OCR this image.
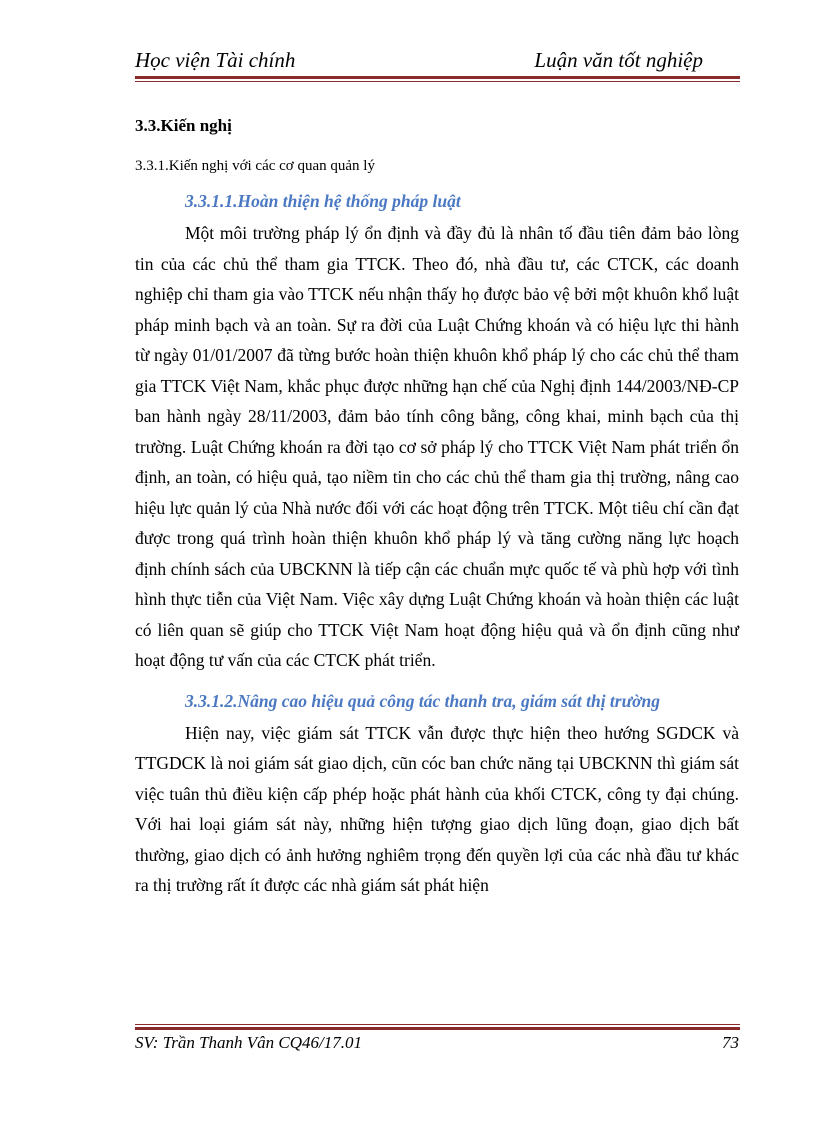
Học viện Tài chính	Luận văn tốt nghiệp
3.3.Kiến nghị
3.3.1.Kiến nghị với các cơ quan quản lý
3.3.1.1.Hoàn thiện hệ thống pháp luật

Một môi trường pháp lý ổn định và đầy đủ là nhân tố đầu tiên đảm bảo lòng tin của các chủ thể tham gia TTCK. Theo đó, nhà đầu tư, các CTCK, các doanh nghiệp chỉ tham gia vào TTCK nếu nhận thấy họ được bảo vệ bởi một khuôn khổ luật pháp minh bạch và an toàn. Sự ra đời của Luật Chứng khoán và có hiệu lực thi hành từ ngày 01/01/2007 đã từng bước hoàn thiện khuôn khổ pháp lý cho các chủ thể tham gia TTCK Việt Nam, khắc phục được những hạn chế của Nghị định 144/2003/NĐ-CP ban hành ngày 28/11/2003, đảm bảo tính công bằng, công khai, minh bạch của thị trường. Luật Chứng khoán ra đời tạo cơ sở pháp lý cho TTCK Việt Nam phát triển ổn định, an toàn, có hiệu quả, tạo niềm tin cho các chủ thể tham gia thị trường, nâng cao hiệu lực quản lý của Nhà nước đối với các hoạt động trên TTCK. Một tiêu chí cần đạt được trong quá trình hoàn thiện khuôn khổ pháp lý và tăng cường năng lực hoạch định chính sách của UBCKNN là tiếp cận các chuẩn mực quốc tế và phù hợp với tình hình thực tiễn của Việt Nam. Việc xây dựng Luật Chứng khoán và hoàn thiện các luật có liên quan sẽ giúp cho TTCK Việt Nam hoạt động hiệu quả và ổn định cũng như hoạt động tư vấn của các CTCK phát triển.

3.3.1.2.Nâng cao hiệu quả công tác thanh tra, giám sát thị trường

Hiện nay, việc giám sát TTCK vẫn được thực hiện theo hướng SGDCK và TTGDCK là noi giám sát giao dịch, cũn cóc ban chức năng tại UBCKNN thì giám sát việc tuân thủ điều kiện cấp phép hoặc phát hành của khối CTCK, công ty đại chúng. Với hai loại giám sát này, những hiện tượng giao dịch lũng đoạn, giao dịch bất thường, giao dịch có ảnh hưởng nghiêm trọng đến quyền lợi của các nhà đầu tư khác ra thị trường rất ít được các nhà giám sát phát hiện

SV: Trần Thanh Vân CQ46/17.01	73
